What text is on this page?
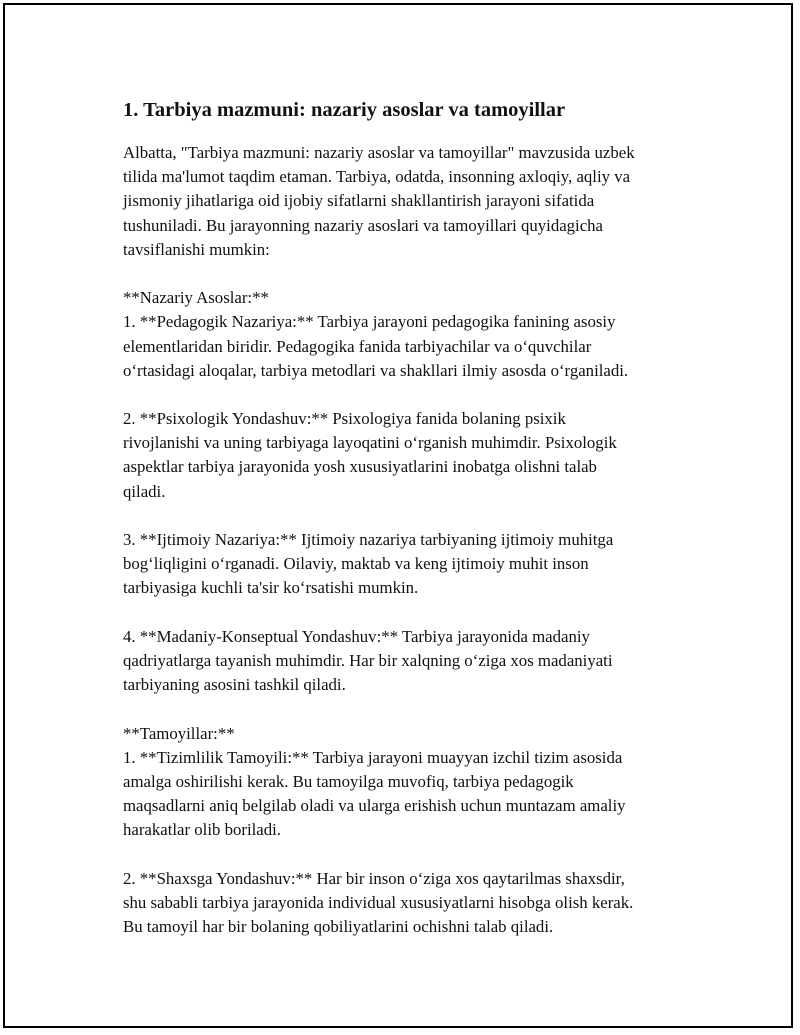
1. Tarbiya mazmuni: nazariy asoslar va tamoyillar
Albatta, "Tarbiya mazmuni: nazariy asoslar va tamoyillar" mavzusida uzbek
tilida ma'lumot taqdim etaman. Tarbiya, odatda, insonning axloqiy, aqliy va
jismoniy jihatlariga oid ijobiy sifatlarni shakllantirish jarayoni sifatida
tushuniladi. Bu jarayonning nazariy asoslari va tamoyillari quyidagicha
tavsiflanishi mumkin:
**Nazariy Asoslar:**
1. **Pedagogik Nazariya:** Tarbiya jarayoni pedagogika fanining asosiy
elementlaridan biridir. Pedagogika fanida tarbiyachilar va o‘quvchilar
o‘rtasidagi aloqalar, tarbiya metodlari va shakllari ilmiy asosda o‘rganiladi.
2. **Psixologik Yondashuv:** Psixologiya fanida bolaning psixik
rivojlanishi va uning tarbiyaga layoqatini o‘rganish muhimdir. Psixologik
aspektlar tarbiya jarayonida yosh xususiyatlarini inobatga olishni talab
qiladi.
3. **Ijtimoiy Nazariya:** Ijtimoiy nazariya tarbiyaning ijtimoiy muhitga
bog‘liqligini o‘rganadi. Oilaviy, maktab va keng ijtimoiy muhit inson
tarbiyasiga kuchli ta'sir ko‘rsatishi mumkin.
4. **Madaniy-Konseptual Yondashuv:** Tarbiya jarayonida madaniy
qadriyatlarga tayanish muhimdir. Har bir xalqning o‘ziga xos madaniyati
tarbiyaning asosini tashkil qiladi.
**Tamoyillar:**
1. **Tizimlilik Tamoyili:** Tarbiya jarayoni muayyan izchil tizim asosida
amalga oshirilishi kerak. Bu tamoyilga muvofiq, tarbiya pedagogik
maqsadlarni aniq belgilab oladi va ularga erishish uchun muntazam amaliy
harakatlar olib boriladi.
2. **Shaxsga Yondashuv:** Har bir inson o‘ziga xos qaytarilmas shaxsdir,
shu sababli tarbiya jarayonida individual xususiyatlarni hisobga olish kerak.
Bu tamoyil har bir bolaning qobiliyatlarini ochishni talab qiladi.
